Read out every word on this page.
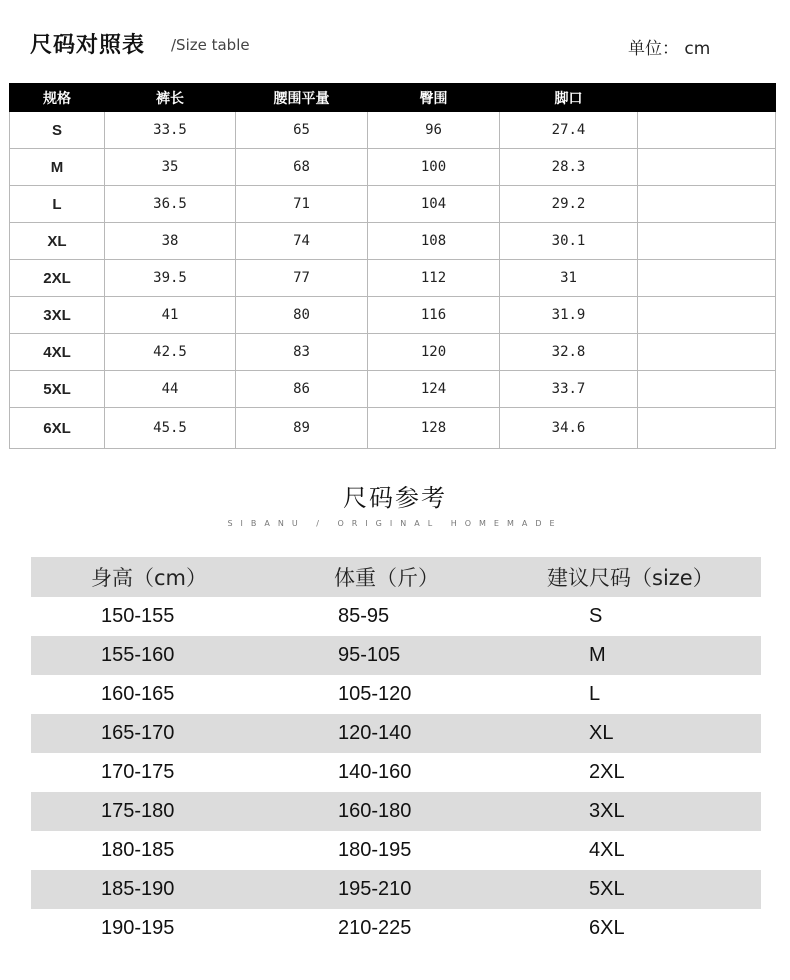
尺码对照表 /Size table	单位： cm
规格	裤长	腰围平量	臀围	脚口	
S	33.5	65	96	27.4	
M	35	68	100	28.3	
L	36.5	71	104	29.2	
XL	38	74	108	30.1	
2XL	39.5	77	112	31	
3XL	41	80	116	31.9	
4XL	42.5	83	120	32.8	
5XL	44	86	124	33.7	
6XL	45.5	89	128	34.6	
尺码参考
SIBANU / ORIGINAL HOMEMADE
身高（cm）	体重（斤）	建议尺码（size）
150-155	85-95	S
155-160	95-105	M
160-165	105-120	L
165-170	120-140	XL
170-175	140-160	2XL
175-180	160-180	3XL
180-185	180-195	4XL
185-190	195-210	5XL
190-195	210-225	6XL
